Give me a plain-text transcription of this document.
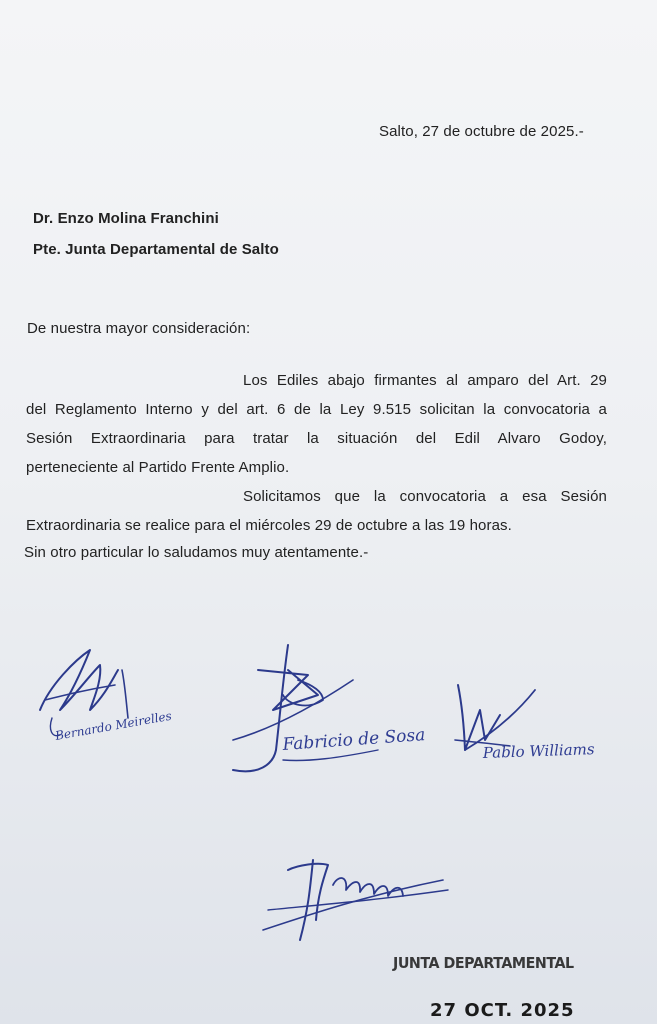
Salto, 27 de octubre de 2025.-

Dr. Enzo Molina Franchini

Pte. Junta Departamental de Salto

De nuestra mayor consideración:

Los Ediles abajo firmantes al amparo del Art. 29

del Reglamento Interno y del art. 6 de la Ley 9.515 solicitan la convocatoria a

Sesión Extraordinaria para tratar la situación del Edil Alvaro Godoy,

perteneciente al Partido Frente Amplio.

Solicitamos que la convocatoria a esa Sesión

Extraordinaria se realice para el miércoles 29 de octubre a las 19 horas.

Sin otro particular lo saludamos muy atentamente.-

Bernardo Meirelles	Fabricio de Sosa	Pablo Williams

JUNTA DEPARTAMENTAL

27 OCT. 2025
